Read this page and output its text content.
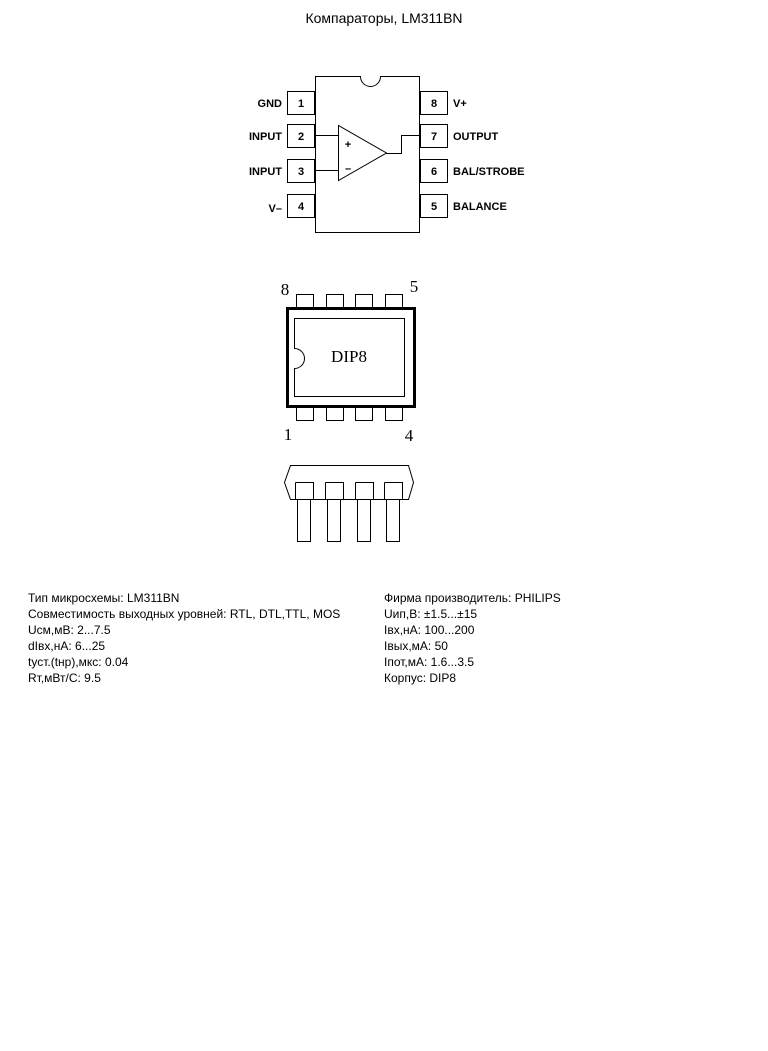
Компараторы, LM311BN
+
–
1
2
3
4
8
7
6
5
GND
INPUT
INPUT
V–
V+
OUTPUT
BAL/STROBE
BALANCE
DIP8
8	5
1	4
Тип микросхемы: LM311BN
Совместимость выходных уровней: RTL, DTL,TTL, MOS
Uсм,мВ: 2...7.5
dIвх,нА: 6...25
tуст.(tнр),мкс: 0.04
Rт,мВт/С: 9.5
Фирма производитель: PHILIPS
Uип,В: ±1.5...±15
Iвх,нА: 100...200
Iвых,мА: 50
Iпот,мА: 1.6...3.5
Корпус: DIP8
